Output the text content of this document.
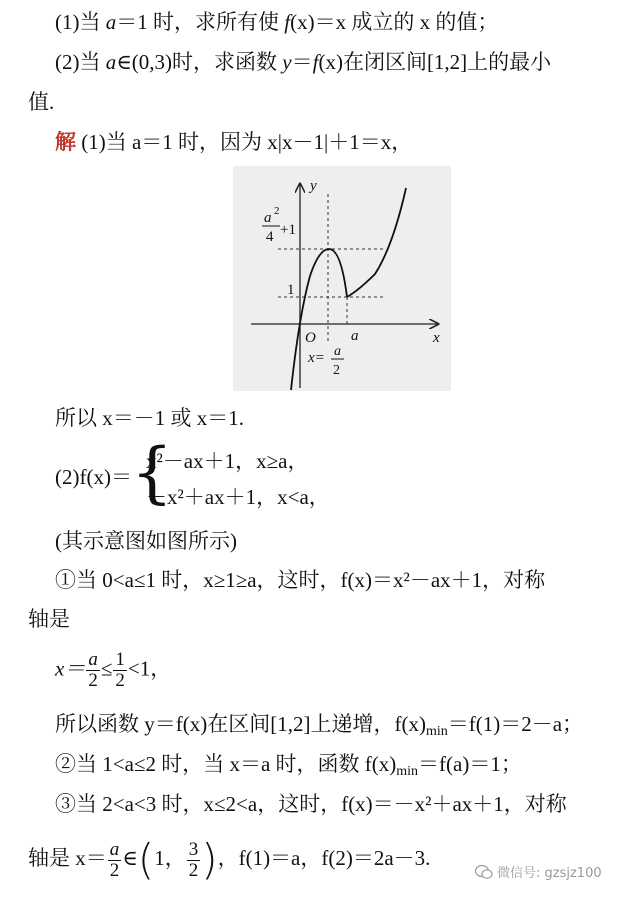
(1)当 a＝1 时，求所有使 f(x)＝x 成立的 x 的值；
(2)当 a∈(0,3)时，求函数 y＝f(x)在闭区间[1,2]上的最小
值.
解 (1)当 a＝1 时，因为 x|x－1|＋1＝x，
y
x
O a
1
a 2
4 +1
x= a
2
所以 x＝－1 或 x＝1.
(2)f(x)＝ {
x²－ax＋1，x≥a，
－x²＋ax＋1，x<a，
(其示意图如图所示)
①当 0<a≤1 时，x≥1≥a，这时，f(x)＝x²－ax＋1，对称
轴是
$x= \frac{a}{2} \le \frac{1}{2} <1$，
所以函数 y＝f(x)在区间[1,2]上递增，$f(x)_{min}=f(1)=2-a$；
②当 1<a≤2 时，当 x＝a 时，函数 $f(x)_{min}=f(a)=1$；
③当 2<a<3 时，x≤2<a，这时，f(x)＝－x²＋ax＋1，对称
轴是 $x= \frac{a}{2}$ ∈(1， $\frac{3}{2}$ )，f(1)＝a，f(2)＝2a－3.
微信号: gzsjz100
